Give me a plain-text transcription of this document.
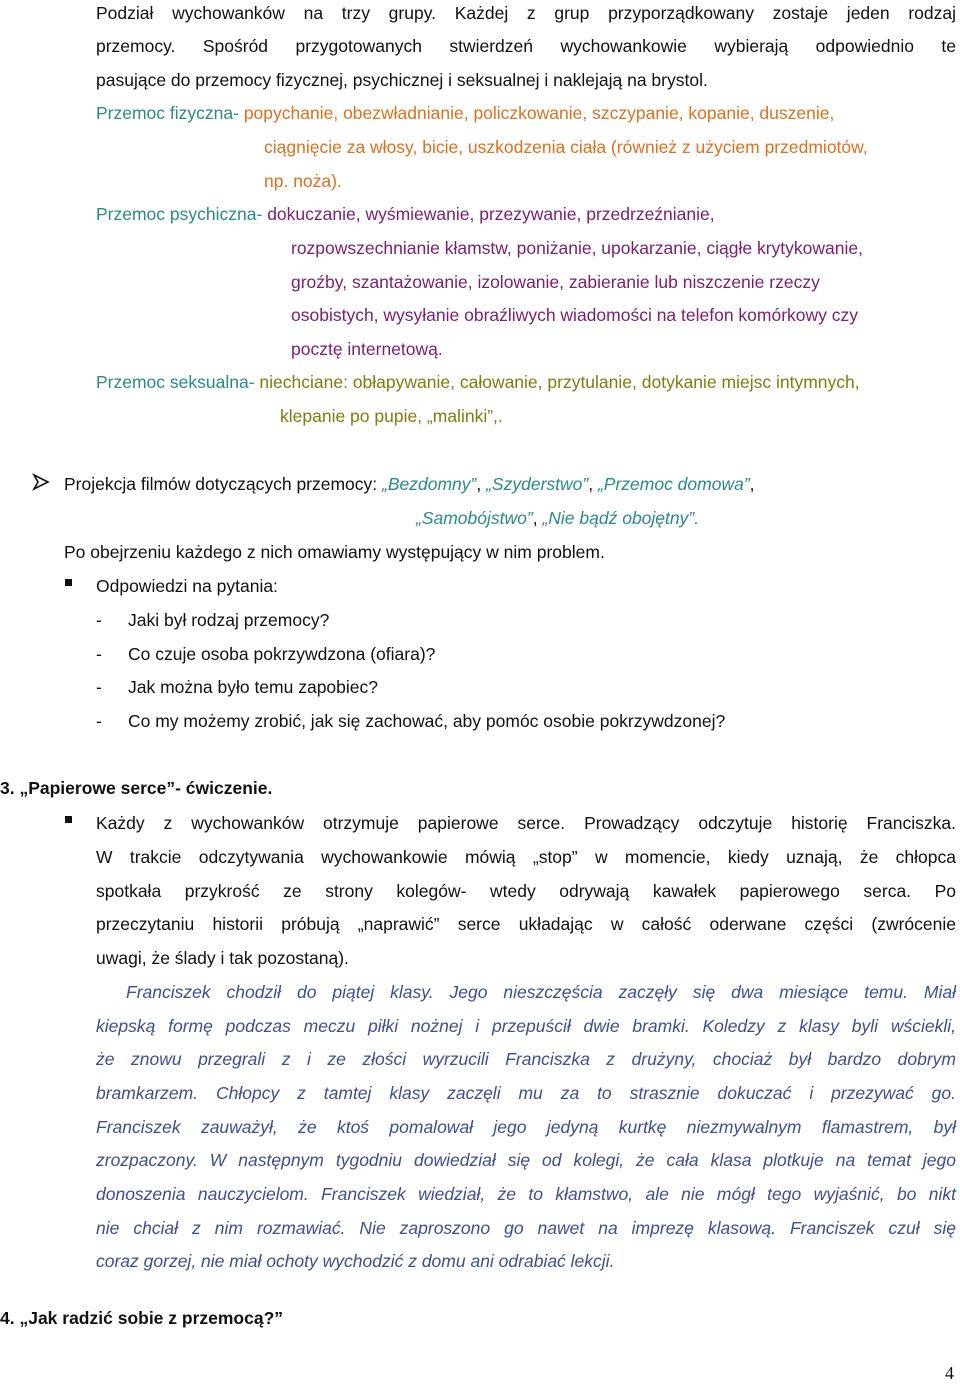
Podział wychowanków na trzy grupy. Każdej z grup przyporządkowany zostaje jeden rodzaj
przemocy. Spośród przygotowanych stwierdzeń wychowankowie wybierają odpowiednio te
pasujące do przemocy fizycznej, psychicznej i seksualnej i naklejają na brystol.
Przemoc fizyczna- popychanie, obezwładnianie, policzkowanie, szczypanie, kopanie, duszenie,
ciągnięcie za włosy, bicie, uszkodzenia ciała (również z użyciem przedmiotów,
np. noża).
Przemoc psychiczna- dokuczanie, wyśmiewanie, przezywanie, przedrzeźnianie,
rozpowszechnianie kłamstw, poniżanie, upokarzanie, ciągłe krytykowanie,
groźby, szantażowanie, izolowanie, zabieranie lub niszczenie rzeczy
osobistych, wysyłanie obraźliwych wiadomości na telefon komórkowy czy
pocztę internetową.
Przemoc seksualna- niechciane: obłapywanie, całowanie, przytulanie, dotykanie miejsc intymnych,
klepanie po pupie, „malinki”,.
Projekcja filmów dotyczących przemocy: „Bezdomny”, „Szyderstwo”, „Przemoc domowa”,
„Samobójstwo”, „Nie bądź obojętny”.
Po obejrzeniu każdego z nich omawiamy występujący w nim problem.
Odpowiedzi na pytania:
- Jaki był rodzaj przemocy?
- Co czuje osoba pokrzywdzona (ofiara)?
- Jak można było temu zapobiec?
- Co my możemy zrobić, jak się zachować, aby pomóc osobie pokrzywdzonej?
3. „Papierowe serce”- ćwiczenie.
Każdy z wychowanków otrzymuje papierowe serce. Prowadzący odczytuje historię Franciszka.
W trakcie odczytywania wychowankowie mówią „stop” w momencie, kiedy uznają, że chłopca
spotkała przykrość ze strony kolegów- wtedy odrywają kawałek papierowego serca. Po
przeczytaniu historii próbują „naprawić” serce układając w całość oderwane części (zwrócenie
uwagi, że ślady i tak pozostaną).
Franciszek chodził do piątej klasy. Jego nieszczęścia zaczęły się dwa miesiące temu. Miał
kiepską formę podczas meczu piłki nożnej i przepuścił dwie bramki. Koledzy z klasy byli wściekli,
że znowu przegrali z i ze złości wyrzucili Franciszka z drużyny, chociaż był bardzo dobrym
bramkarzem. Chłopcy z tamtej klasy zaczęli mu za to strasznie dokuczać i przezywać go.
Franciszek zauważył, że ktoś pomalował jego jedyną kurtkę niezmywalnym flamastrem, był
zrozpaczony. W następnym tygodniu dowiedział się od kolegi, że cała klasa plotkuje na temat jego
donoszenia nauczycielom. Franciszek wiedział, że to kłamstwo, ale nie mógł tego wyjaśnić, bo nikt
nie chciał z nim rozmawiać. Nie zaproszono go nawet na imprezę klasową. Franciszek czuł się
coraz gorzej, nie miał ochoty wychodzić z domu ani odrabiać lekcji.
4. „Jak radzić sobie z przemocą?”
4
